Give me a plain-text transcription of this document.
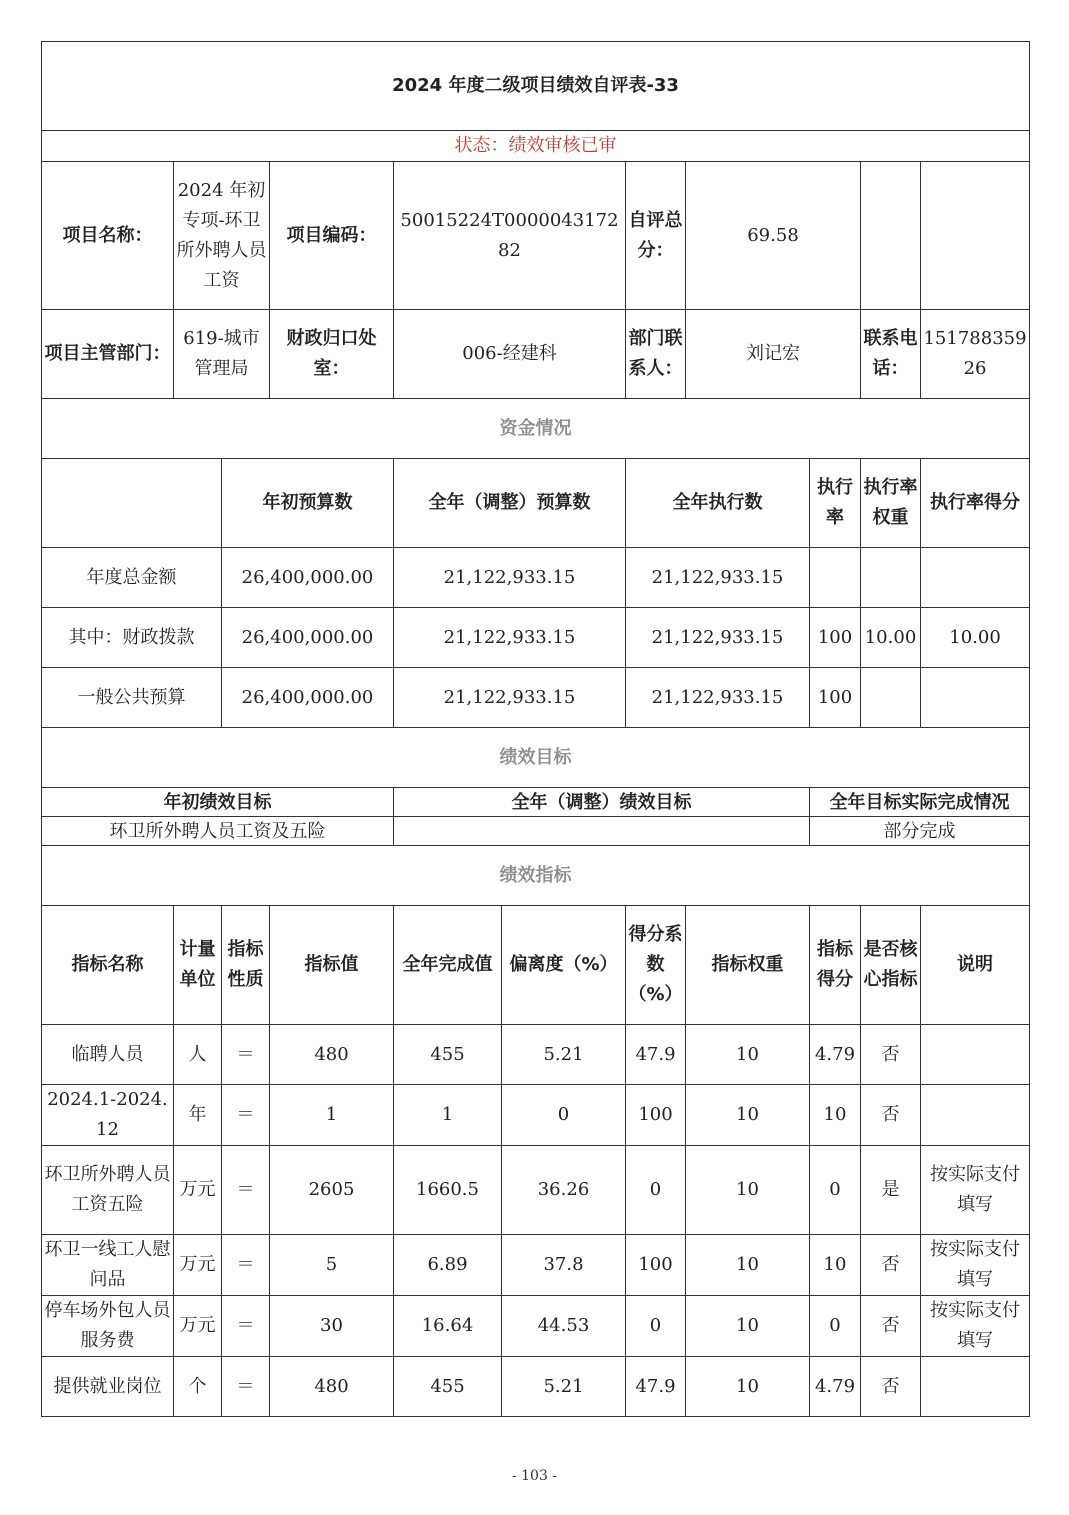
2024 年度二级项目绩效自评表-33										
状态：绩效审核已审										
项目名称：	2024 年初专项-环卫所外聘人员工资		项目编码：	50015224T000004317282		自评总分：	69.58			
项目主管部门：	619-城市管理局		财政归口处室：	006-经建科		部门联系人：	刘记宏		联系电话：	15178835926
资金情况										
		年初预算数		全年（调整）预算数		全年执行数		执行率	执行率权重	执行率得分
年度总金额		26,400,000.00		21,122,933.15		21,122,933.15				
其中：财政拨款		26,400,000.00		21,122,933.15		21,122,933.15		100	10.00	10.00
一般公共预算		26,400,000.00		21,122,933.15		21,122,933.15		100		
绩效目标										
年初绩效目标				全年（调整）绩效目标				全年目标实际完成情况		
环卫所外聘人员工资及五险								部分完成		
绩效指标										
指标名称	计量单位	指标性质	指标值	全年完成值	偏离度（%）	得分系数（%）	指标权重	指标得分	是否核心指标	说明
临聘人员	人	＝	480	455	5.21	47.9	10	4.79	否	
2024.1-2024.12	年	＝	1	1	0	100	10	10	否	
环卫所外聘人员工资五险	万元	＝	2605	1660.5	36.26	0	10	0	是	按实际支付填写
环卫一线工人慰问品	万元	＝	5	6.89	37.8	100	10	10	否	按实际支付填写
停车场外包人员服务费	万元	＝	30	16.64	44.53	0	10	0	否	按实际支付填写
提供就业岗位	个	＝	480	455	5.21	47.9	10	4.79	否	
- 103 -
